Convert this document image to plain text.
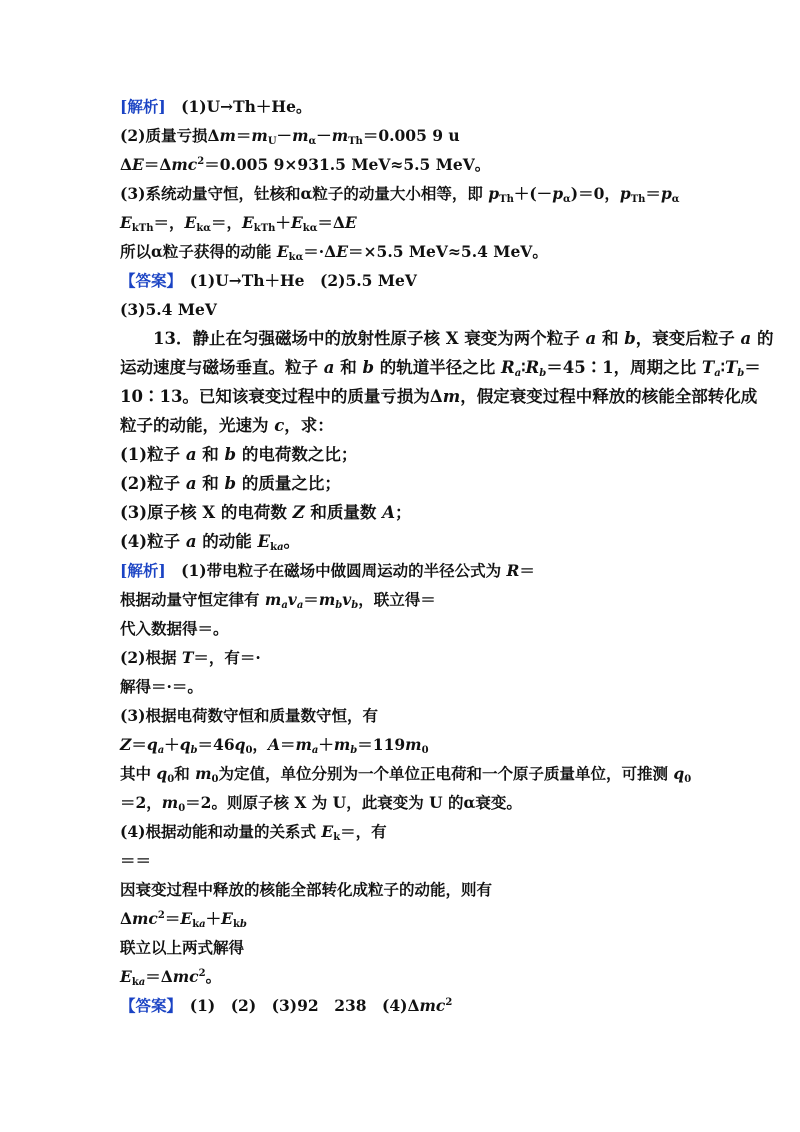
[解析]　(1)U→Th＋He。
(2)质量亏损$\Delta m=m_U-m_\alpha-m_{Th}=0.005$ 9 u
ΔE＝Δmc$^2$＝0.005 9×931.5 MeV≈5.5 MeV。
(3)系统动量守恒，钍核和α粒子的动量大小相等，即 $p_{Th}+(-p_\alpha)=0$，$p_{Th}=p_\alpha$
$E_{kTh}=$，$E_{k\alpha}=$，$E_{kTh}+E_{k\alpha}=\Delta E$
所以α粒子获得的动能 $E_{k\alpha}=\cdot\Delta E=\times 5.5$ MeV≈5.4 MeV。
【答案】　(1)U→Th＋He　(2)5.5 MeV
(3)5.4 MeV
　　13．静止在匀强磁场中的放射性原子核 X 衰变为两个粒子 a 和 b，衰变后粒子 a 的
运动速度与磁场垂直。粒子 a 和 b 的轨道半径之比 $R_a∶R_b=45∶1$，周期之比 $T_a∶T_b=$
10∶13。已知该衰变过程中的质量亏损为Δm，假定衰变过程中释放的核能全部转化成
粒子的动能，光速为 c，求：
(1)粒子 a 和 b 的电荷数之比；
(2)粒子 a 和 b 的质量之比；
(3)原子核 X 的电荷数 Z 和质量数 A；
(4)粒子 a 的动能 $E_{ka}$。
[解析]　(1)带电粒子在磁场中做圆周运动的半径公式为 R＝
根据动量守恒定律有 $m_av_a=m_bv_b$，联立得＝
代入数据得＝。
(2)根据 T＝，有＝·
解得＝·＝。
(3)根据电荷数守恒和质量数守恒，有
$Z=q_a+q_b=46q_0$，$A=m_a+m_b=119m_0$
其中 $q_0$和 $m_0$为定值，单位分别为一个单位正电荷和一个原子质量单位，可推测 $q_0$
＝2，$m_0=2$。则原子核 X 为 U，此衰变为 U 的α衰变。
(4)根据动能和动量的关系式 $E_k=$，有
＝＝
因衰变过程中释放的核能全部转化成粒子的动能，则有
$\Delta mc^2=E_{ka}+E_{kb}$
联立以上两式解得
$E_{ka}=\Delta mc^2$。
【答案】　(1)　(2)　(3)92　238　(4)Δmc$^2$
